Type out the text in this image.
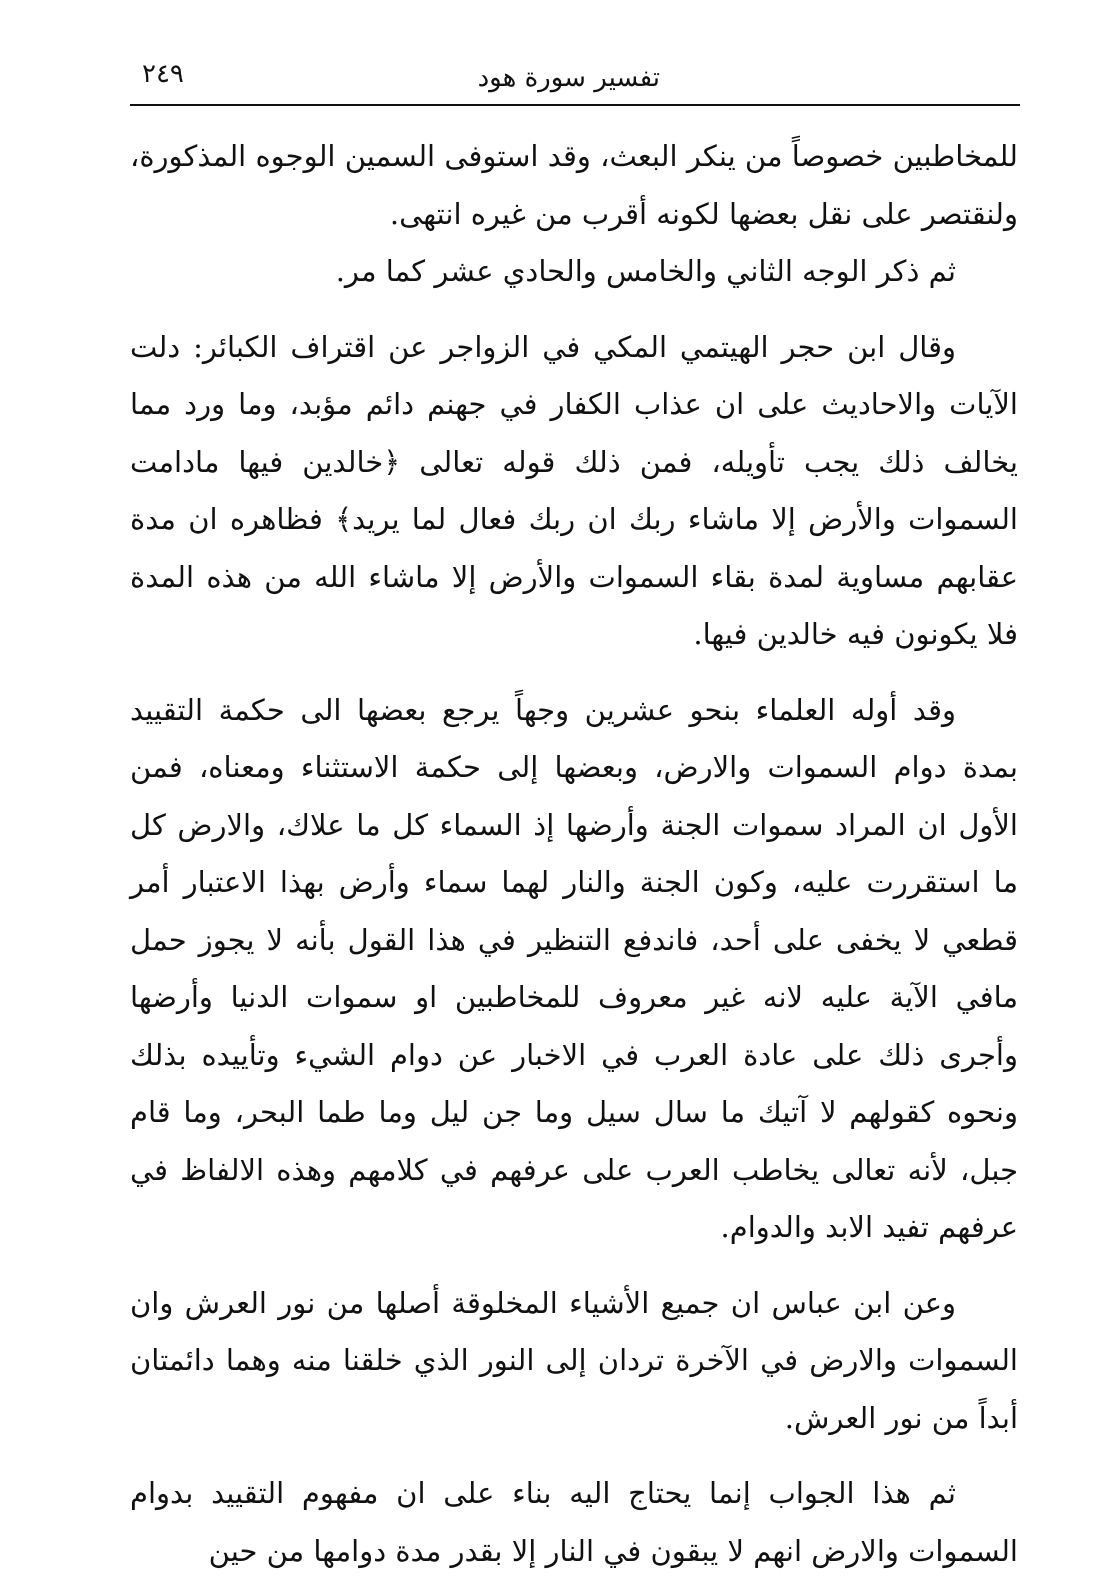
تفسير سورة هود
٢٤٩

للمخاطبين خصوصاً من ينكر البعث، وقد استوفى السمين الوجوه المذكورة، ولنقتصر على نقل بعضها لكونه أقرب من غيره انتهى.

ثم ذكر الوجه الثاني والخامس والحادي عشر كما مر.

وقال ابن حجر الهيتمي المكي في الزواجر عن اقتراف الكبائر: دلت الآيات والاحاديث على ان عذاب الكفار في جهنم دائم مؤبد، وما ورد مما يخالف ذلك يجب تأويله، فمن ذلك قوله تعالى ﴿خالدين فيها مادامت السموات والأرض إلا ماشاء ربك ان ربك فعال لما يريد﴾ فظاهره ان مدة عقابهم مساوية لمدة بقاء السموات والأرض إلا ماشاء الله من هذه المدة فلا يكونون فيه خالدين فيها.

وقد أوله العلماء بنحو عشرين وجهاً يرجع بعضها الى حكمة التقييد بمدة دوام السموات والارض، وبعضها إلى حكمة الاستثناء ومعناه، فمن الأول ان المراد سموات الجنة وأرضها إذ السماء كل ما علاك، والارض كل ما استقررت عليه، وكون الجنة والنار لهما سماء وأرض بهذا الاعتبار أمر قطعي لا يخفى على أحد، فاندفع التنظير في هذا القول بأنه لا يجوز حمل مافي الآية عليه لانه غير معروف للمخاطبين او سموات الدنيا وأرضها وأجرى ذلك على عادة العرب في الاخبار عن دوام الشيء وتأييده بذلك ونحوه كقولهم لا آتيك ما سال سيل وما جن ليل وما طما البحر، وما قام جبل، لأنه تعالى يخاطب العرب على عرفهم في كلامهم وهذه الالفاظ في عرفهم تفيد الابد والدوام.

وعن ابن عباس ان جميع الأشياء المخلوقة أصلها من نور العرش وان السموات والارض في الآخرة تردان إلى النور الذي خلقنا منه وهما دائمتان أبداً من نور العرش.

ثم هذا الجواب إنما يحتاج اليه بناء على ان مفهوم التقييد بدوام السموات والارض انهم لا يبقون في النار إلا بقدر مدة دوامها من حين
